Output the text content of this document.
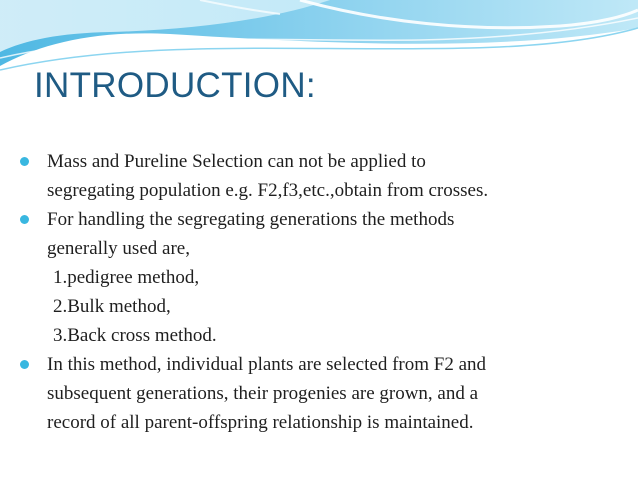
INTRODUCTION:
Mass and Pureline Selection can not be applied to
segregating population e.g. F2,f3,etc.,obtain from crosses.
For handling the segregating generations the methods
generally used are,
1.pedigree method,
2.Bulk method,
3.Back cross method.
In this method, individual plants are selected from F2 and
subsequent generations, their progenies are grown, and a
record of all parent-offspring relationship is maintained.
